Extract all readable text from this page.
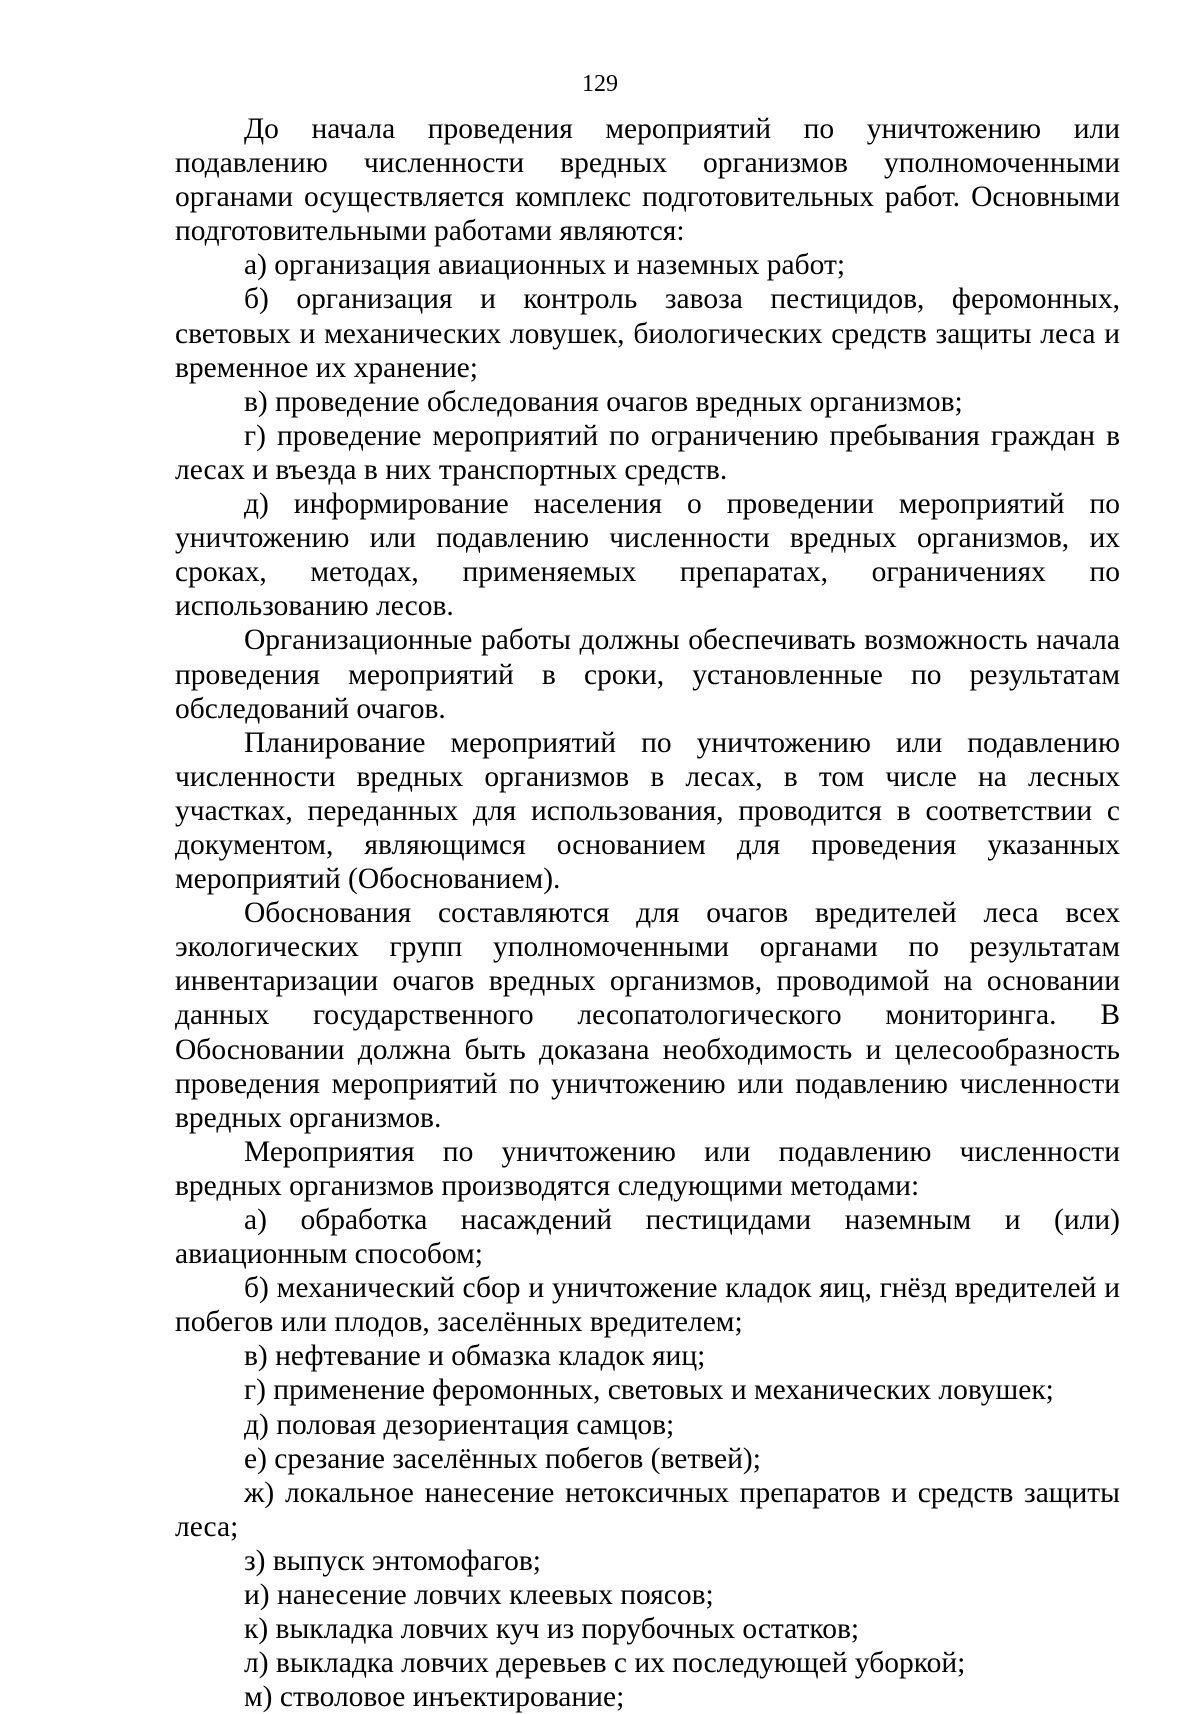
129

До начала проведения мероприятий по уничтожению или подавлению численности вредных организмов уполномоченными органами осуществляется комплекс подготовительных работ. Основными подготовительными работами являются:

а) организация авиационных и наземных работ;

б) организация и контроль завоза пестицидов, феромонных, световых и механических ловушек, биологических средств защиты леса и временное их хранение;

в) проведение обследования очагов вредных организмов;

г) проведение мероприятий по ограничению пребывания граждан в лесах и въезда в них транспортных средств.

д) информирование населения о проведении мероприятий по уничтожению или подавлению численности вредных организмов, их сроках, методах, применяемых препаратах, ограничениях по использованию лесов.

Организационные работы должны обеспечивать возможность начала проведения мероприятий в сроки, установленные по результатам обследований очагов.

Планирование мероприятий по уничтожению или подавлению численности вредных организмов в лесах, в том числе на лесных участках, переданных для использования, проводится в соответствии с документом, являющимся основанием для проведения указанных мероприятий (Обоснованием).

Обоснования составляются для очагов вредителей леса всех экологических групп уполномоченными органами по результатам инвентаризации очагов вредных организмов, проводимой на основании данных государственного лесопатологического мониторинга. В Обосновании должна быть доказана необходимость и целесообразность проведения мероприятий по уничтожению или подавлению численности вредных организмов.

Мероприятия по уничтожению или подавлению численности вредных организмов производятся следующими методами:

а) обработка насаждений пестицидами наземным и (или) авиационным способом;

б) механический сбор и уничтожение кладок яиц, гнёзд вредителей и побегов или плодов, заселённых вредителем;

в) нефтевание и обмазка кладок яиц;

г) применение феромонных, световых и механических ловушек;

д) половая дезориентация самцов;

е) срезание заселённых побегов (ветвей);

ж) локальное нанесение нетоксичных препаратов и средств защиты леса;

з) выпуск энтомофагов;

и) нанесение ловчих клеевых поясов;

к) выкладка ловчих куч из порубочных остатков;

л) выкладка ловчих деревьев с их последующей уборкой;

м) стволовое инъектирование;
